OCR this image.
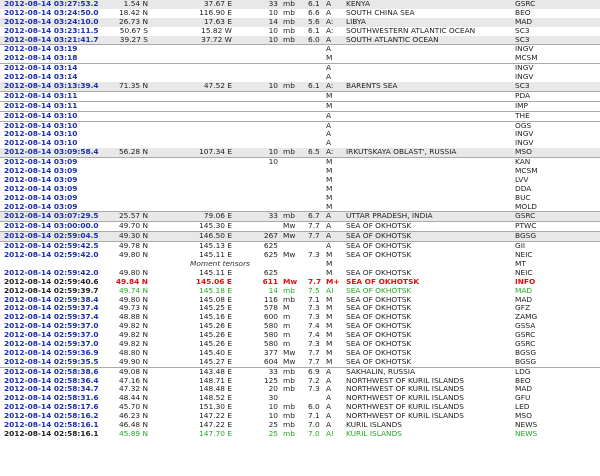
2012-08-14 03:27:53.2	1.54 N	37.67 E	33 mb 6.1 A KENYA	GSRC
2012-08-14 03:24:50.0	18.42 N	116.90 E	10 mb 6.6 A SOUTH CHINA SEA	BEO
2012-08-14 03:24:10.0	26.73 N	17.63 E	14 mb 5.6 A: LIBYA	MAD
2012-08-14 03:23:11.5	50.67 S	15.82 W	10 mb 6.1 A: SOUTHWESTERN ATLANTIC OCEAN	SC3
2012-08-14 03:21:41.7	39.27 S	37.72 W	10 mb 6.0 A SOUTH ATLANTIC OCEAN	SC3
2012-08-14 03:19	A	INGV
2012-08-14 03:18	M	MCSM
2012-08-14 03:14	A	INGV
2012-08-14 03:14	A	INGV
2012-08-14 03:13:39.4	71.35 N	47.52 E	10 mb 6.1 A: BARENTS SEA	SC3
2012-08-14 03:11	M	PDA
2012-08-14 03:11	M	IMP
2012-08-14 03:10	A	THE
2012-08-14 03:10	A	OGS
2012-08-14 03:10	A	INGV
2012-08-14 03:10	A	INGV
2012-08-14 03:09:58.4	56.28 N	107.34 E	10 mb 6.5 A: IRKUTSKAYA OBLAST', RUSSIA	MSO
2012-08-14 03:09	10	M	KAN
2012-08-14 03:09	M	MCSM
2012-08-14 03:09	M	LVV
2012-08-14 03:09	M	DDA
2012-08-14 03:09	M	BUC
2012-08-14 03:09	M	MOLD
2012-08-14 03:07:29.5	25.57 N	79.06 E	33 mb 6.7 A UTTAR PRADESH, INDIA	GSRC
2012-08-14 03:00:00.0	49.70 N	145.30 E	Mw 7.7 A SEA OF OKHOTSK	PTWC
2012-08-14 02:59:04.5	49.30 N	146.50 E	267 Mw 7.7 A SEA OF OKHOTSK	BGSG
2012-08-14 02:59:42.5	49.78 N	145.13 E	625	A SEA OF OKHOTSK	GII
2012-08-14 02:59:42.0	49.80 N	145.11 E	625 Mw 7.3 M SEA OF OKHOTSK	NEIC
Moment tensors	M	MT
2012-08-14 02:59:42.0	49.80 N	145.11 E	625	M SEA OF OKHOTSK	NEIC
2012-08-14 02:59:40.6 49.84 N	145.06 E	611 Mw 7.7 M+ SEA OF OKHOTSK	INFO
2012-08-14 02:59:39.7	49.74 N	145.18 E	14 mb 7.5 A! SEA OF OKHOTSK	MAD
2012-08-14 02:59:38.4	49.80 N	145.08 E	116 mb 7.1 M SEA OF OKHOTSK	MAD
2012-08-14 02:59:37.4	49.73 N	145.25 E	578 M	7.3 M SEA OF OKHOTSK	GFZ
2012-08-14 02:59:37.4	48.88 N	145.16 E	600 m 7.3 M SEA OF OKHOTSK	ZAMG
2012-08-14 02:59:37.0	49.82 N	145.26 E	580 m 7.4 M SEA OF OKHOTSK	GSSA
2012-08-14 02:59:37.0	49.82 N	145.26 E	580 m 7.4 M SEA OF OKHOTSK	GSRC
2012-08-14 02:59:37.0	49.82 N	145.26 E	580 m 7.3 M SEA OF OKHOTSK	GSRC
2012-08-14 02:59:36.9	48.80 N	145.40 E	377 Mw 7.7 M SEA OF OKHOTSK	BGSG
2012-08-14 02:59:35.5	49.90 N	145.27 E	604 Mw 7.7 M SEA OF OKHOTSK	BGSG
2012-08-14 02:58:38.6	49.08 N	143.48 E	33 mb 6.9 A SAKHALIN, RUSSIA	LDG
2012-08-14 02:58:36.4	47.16 N	148.71 E	125 mb 7.2 A NORTHWEST OF KURIL ISLANDS	BEO
2012-08-14 02:58:34.7	47.32 N	148.48 E	20 mb 7.3 A NORTHWEST OF KURIL ISLANDS	MAD
2012-08-14 02:58:31.6	48.44 N	148.52 E	30	A NORTHWEST OF KURIL ISLANDS	GFU
2012-08-14 02:58:17.6	45.70 N	151.30 E	10 mb 6.0 A NORTHWEST OF KURIL ISLANDS	LED
2012-08-14 02:58:16.2	46.23 N	147.22 E	10 mb 7.1 A NORTHWEST OF KURIL ISLANDS	MSO
2012-08-14 02:58:16.1	46.48 N	147.22 E	25 mb 7.0 A KURIL ISLANDS	NEWS
2012-08-14 02:58:16.1	45.89 N	147.70 E	25 mb 7.0 A! KURIL ISLANDS	NEWS
